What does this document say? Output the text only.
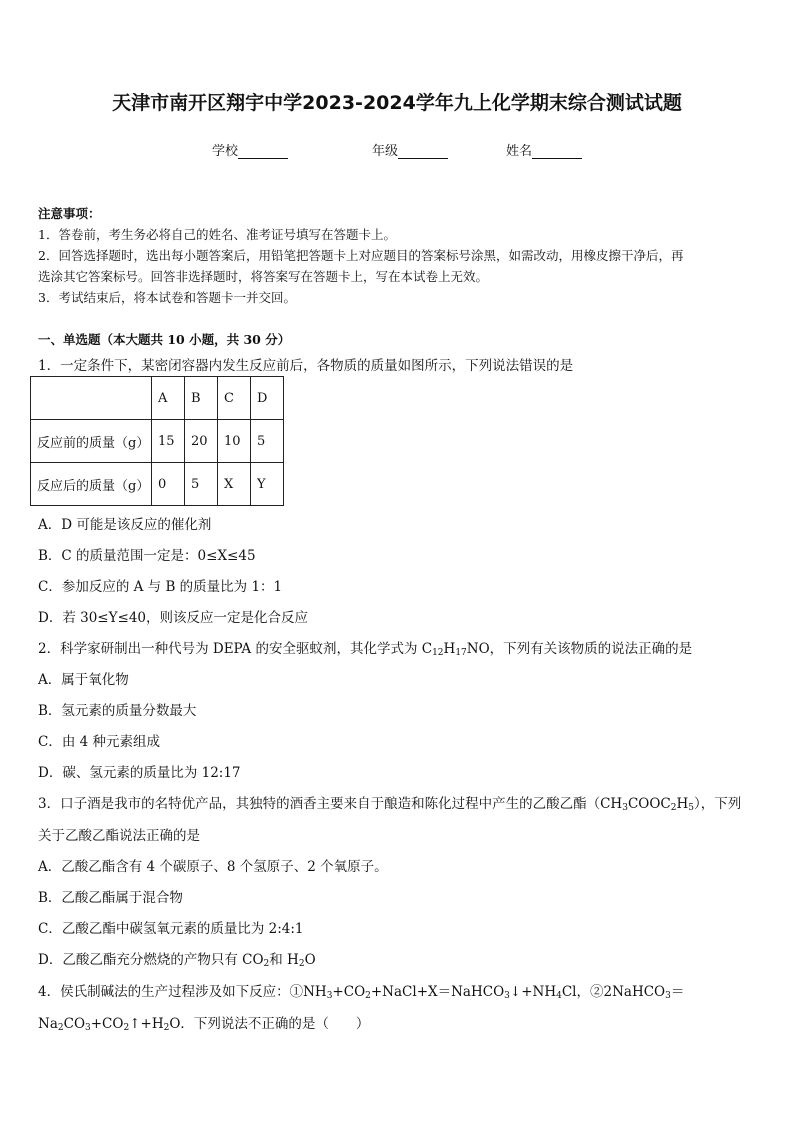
天津市南开区翔宇中学2023-2024学年九上化学期末综合测试试题
学校	年级	姓名
注意事项：
1．答卷前，考生务必将自己的姓名、准考证号填写在答题卡上。
2．回答选择题时，选出每小题答案后，用铅笔把答题卡上对应题目的答案标号涂黑，如需改动，用橡皮擦干净后，再
选涂其它答案标号。回答非选择题时，将答案写在答题卡上，写在本试卷上无效。
3．考试结束后，将本试卷和答题卡一并交回。
一、单选题（本大题共 10 小题，共 30 分）
1．一定条件下，某密闭容器内发生反应前后，各物质的质量如图所示，下列说法错误的是
	A	B	C	D
反应前的质量（g）	15	20	10	5
反应后的质量（g）	0	5	X	Y
A．D 可能是该反应的催化剂
B．C 的质量范围一定是：0≤X≤45
C．参加反应的 A 与 B 的质量比为 1：1
D．若 30≤Y≤40，则该反应一定是化合反应
2．科学家研制出一种代号为 DEPA 的安全驱蚊剂，其化学式为 $C_{12}H_{17}NO$，下列有关该物质的说法正确的是
A．属于氧化物
B．氢元素的质量分数最大
C．由 4 种元素组成
D．碳、氢元素的质量比为 12:17
3．口子酒是我市的名特优产品，其独特的酒香主要来自于酿造和陈化过程中产生的乙酸乙酯$(CH_3COOC_2H_5)$，下列
关于乙酸乙酯说法正确的是
A．乙酸乙酯含有 4 个碳原子、8 个氢原子、2 个氧原子。
B．乙酸乙酯属于混合物
C．乙酸乙酯中碳氢氧元素的质量比为 2:4:1
D．乙酸乙酯充分燃烧的产物只有 $CO_2$和 $H_2O$
4．侯氏制碱法的生产过程涉及如下反应：$①NH_3+CO_2+NaCl+X=NaHCO_3↓+NH_4Cl$，②2NaHCO$_3$＝
$Na_2CO_3+CO_2↑+H_2O$．下列说法不正确的是（　　）
